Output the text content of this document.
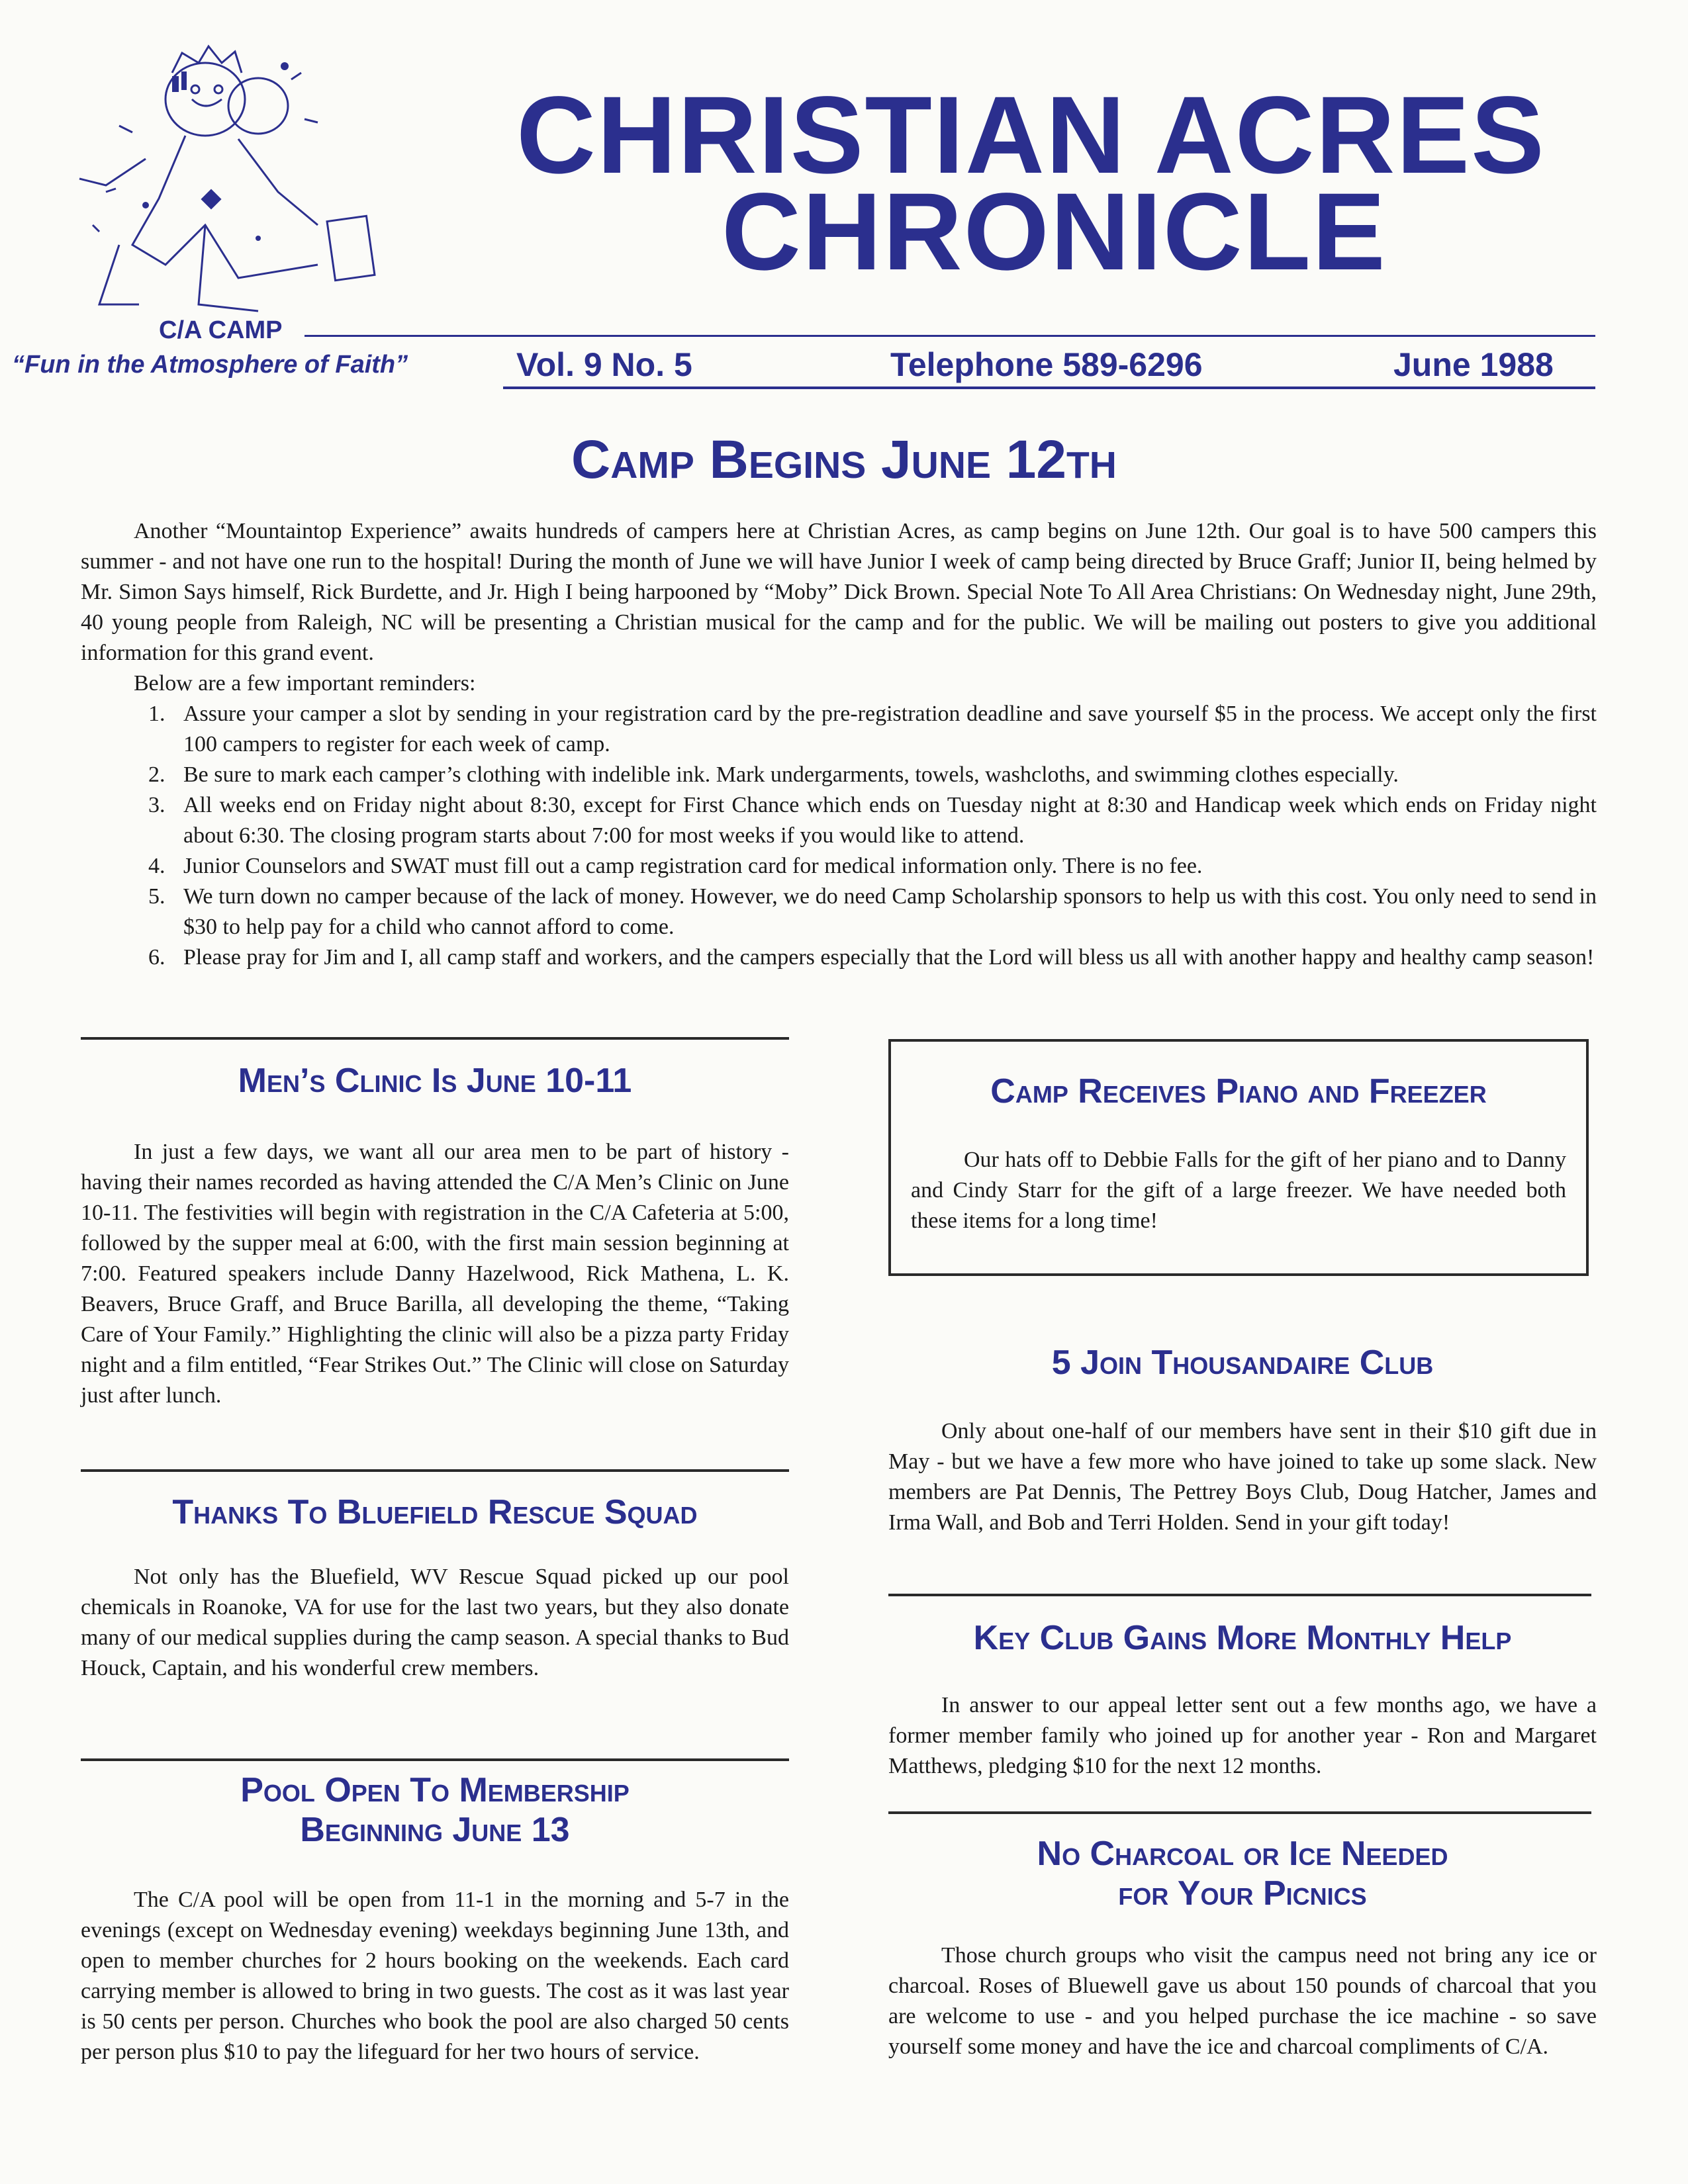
CHRISTIAN ACRES
CHRONICLE
C/A CAMP
“Fun in the Atmosphere of Faith”	Vol. 9 No. 5	Telephone 589-6296	June 1988
Camp Begins June 12th

Another “Mountaintop Experience” awaits hundreds of campers here at Christian Acres, as camp begins on June 12th. Our goal is to have 500 campers this summer - and not have one run to the hospital! During the month of June we will have Junior I week of camp being directed by Bruce Graff; Junior II, being helmed by Mr. Simon Says himself, Rick Burdette, and Jr. High I being harpooned by “Moby” Dick Brown. Special Note To All Area Christians: On Wednesday night, June 29th, 40 young people from Raleigh, NC will be presenting a Christian musical for the camp and for the public. We will be mailing out posters to give you additional information for this grand event.

Below are a few important reminders:

1. Assure your camper a slot by sending in your registration card by the pre-registration deadline and save yourself $5 in the process. We accept only the first 100 campers to register for each week of camp.
2. Be sure to mark each camper’s clothing with indelible ink. Mark undergarments, towels, washcloths, and swimming clothes especially.
3. All weeks end on Friday night about 8:30, except for First Chance which ends on Tuesday night at 8:30 and Handicap week which ends on Friday night about 6:30. The closing program starts about 7:00 for most weeks if you would like to attend.
4. Junior Counselors and SWAT must fill out a camp registration card for medical information only. There is no fee.
5. We turn down no camper because of the lack of money. However, we do need Camp Scholarship sponsors to help us with this cost. You only need to send in $30 to help pay for a child who cannot afford to come.
6. Please pray for Jim and I, all camp staff and workers, and the campers especially that the Lord will bless us all with another happy and healthy camp season!
Men’s Clinic Is June 10-11

In just a few days, we want all our area men to be part of history - having their names recorded as having attended the C/A Men’s Clinic on June 10-11. The festivities will begin with registration in the C/A Cafeteria at 5:00, followed by the supper meal at 6:00, with the first main session beginning at 7:00. Featured speakers include Danny Hazelwood, Rick Mathena, L. K. Beavers, Bruce Graff, and Bruce Barilla, all developing the theme, “Taking Care of Your Family.” Highlighting the clinic will also be a pizza party Friday night and a film entitled, “Fear Strikes Out.” The Clinic will close on Saturday just after lunch.

Thanks To Bluefield Rescue Squad

Not only has the Bluefield, WV Rescue Squad picked up our pool chemicals in Roanoke, VA for use for the last two years, but they also donate many of our medical supplies during the camp season. A special thanks to Bud Houck, Captain, and his wonderful crew members.

Pool Open To Membership
Beginning June 13

The C/A pool will be open from 11-1 in the morning and 5-7 in the evenings (except on Wednesday evening) weekdays beginning June 13th, and open to member churches for 2 hours booking on the weekends. Each card carrying member is allowed to bring in two guests. The cost as it was last year is 50 cents per person. Churches who book the pool are also charged 50 cents per person plus $10 to pay the lifeguard for her two hours of service.

Camp Receives Piano and Freezer

Our hats off to Debbie Falls for the gift of her piano and to Danny and Cindy Starr for the gift of a large freezer. We have needed both these items for a long time!

5 Join Thousandaire Club

Only about one-half of our members have sent in their $10 gift due in May - but we have a few more who have joined to take up some slack. New members are Pat Dennis, The Pettrey Boys Club, Doug Hatcher, James and Irma Wall, and Bob and Terri Holden. Send in your gift today!

Key Club Gains More Monthly Help

In answer to our appeal letter sent out a few months ago, we have a former member family who joined up for another year - Ron and Margaret Matthews, pledging $10 for the next 12 months.

No Charcoal or Ice Needed
for Your Picnics

Those church groups who visit the campus need not bring any ice or charcoal. Roses of Bluewell gave us about 150 pounds of charcoal that you are welcome to use - and you helped purchase the ice machine - so save yourself some money and have the ice and charcoal compliments of C/A.
